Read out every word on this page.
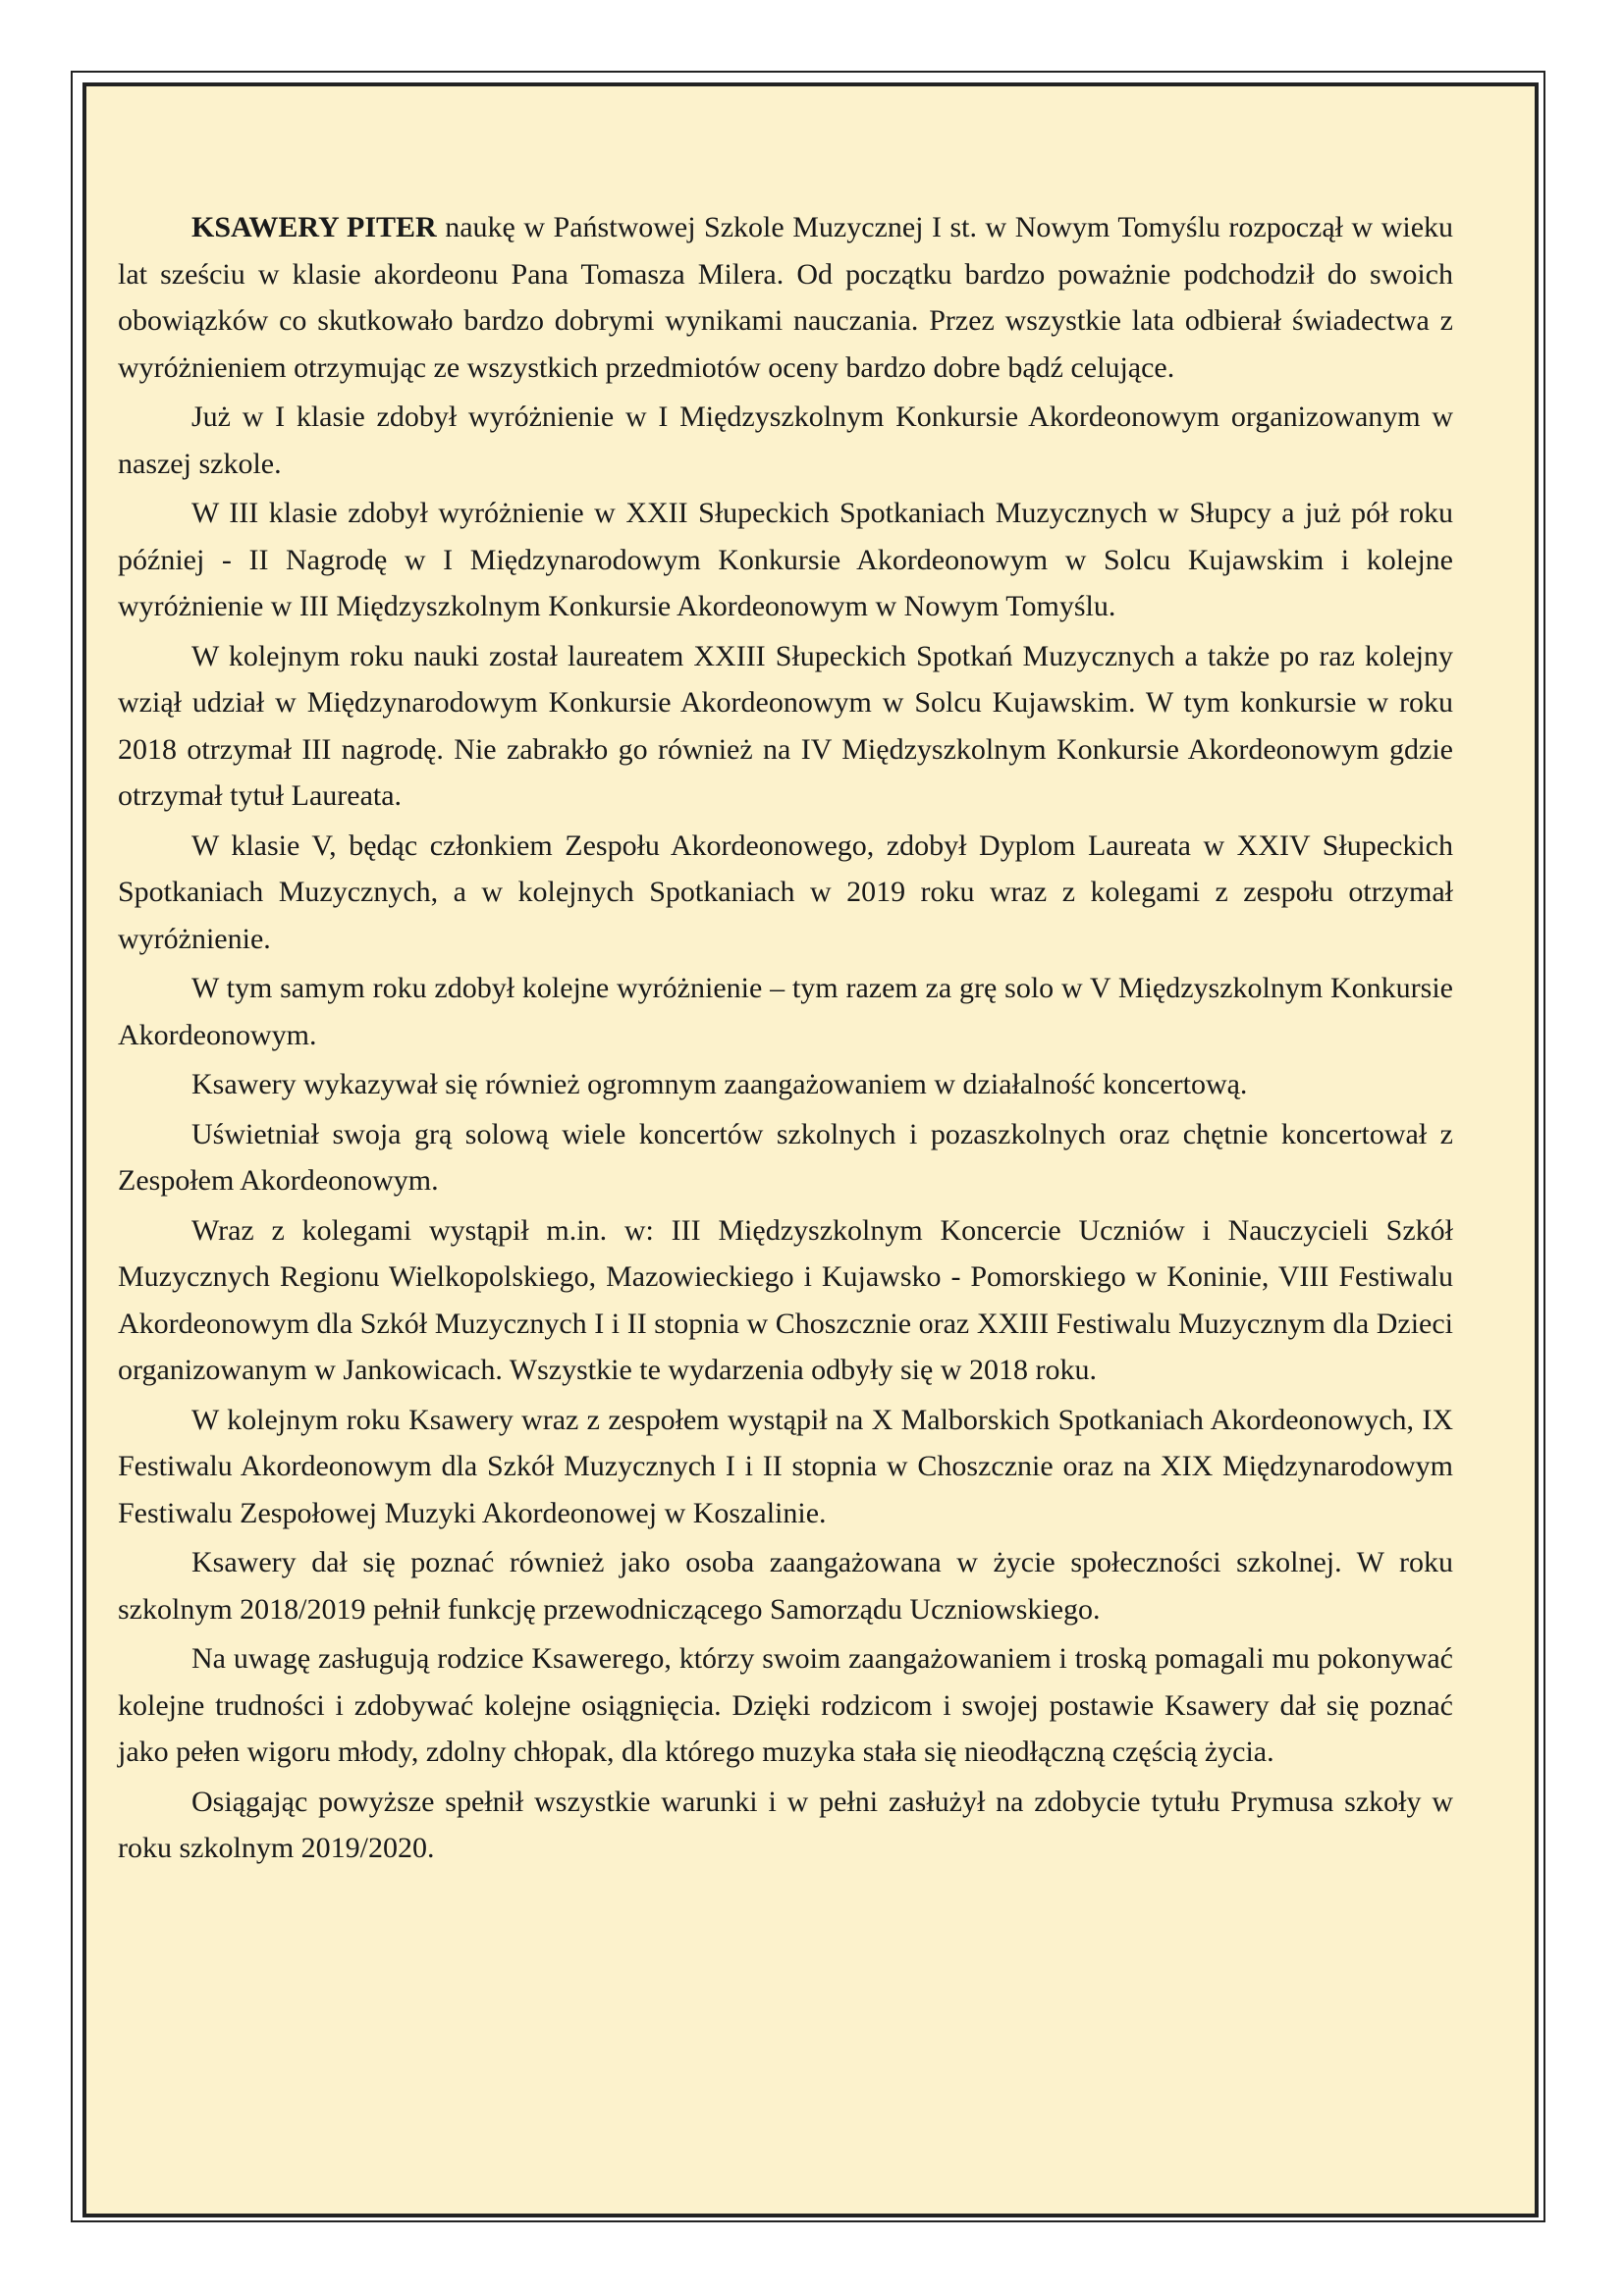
KSAWERY PITER naukę w Państwowej Szkole Muzycznej I st. w Nowym Tomyślu rozpoczął w wieku lat sześciu w klasie akordeonu Pana Tomasza Milera. Od początku bardzo poważnie podchodził do swoich obowiązków co skutkowało bardzo dobrymi wynikami nauczania. Przez wszystkie lata odbierał świadectwa z wyróżnieniem otrzymując ze wszystkich przedmiotów oceny bardzo dobre bądź celujące.

Już w I klasie zdobył wyróżnienie w I Międzyszkolnym Konkursie Akordeonowym organizowanym w naszej szkole.

W III klasie zdobył wyróżnienie w XXII Słupeckich Spotkaniach Muzycznych w Słupcy a już pół roku później - II Nagrodę w I Międzynarodowym Konkursie Akordeonowym w Solcu Kujawskim i kolejne wyróżnienie w III Międzyszkolnym Konkursie Akordeonowym w Nowym Tomyślu.

W kolejnym roku nauki został laureatem XXIII Słupeckich Spotkań Muzycznych a także po raz kolejny wziął udział w Międzynarodowym Konkursie Akordeonowym w Solcu Kujawskim. W tym konkursie w roku 2018 otrzymał III nagrodę. Nie zabrakło go również na IV Międzyszkolnym Konkursie Akordeonowym gdzie otrzymał tytuł Laureata.

W klasie V, będąc członkiem Zespołu Akordeonowego, zdobył Dyplom Laureata w XXIV Słupeckich Spotkaniach Muzycznych, a w kolejnych Spotkaniach w 2019 roku wraz z kolegami z zespołu otrzymał wyróżnienie.

W tym samym roku zdobył kolejne wyróżnienie – tym razem za grę solo w V Międzyszkolnym Konkursie Akordeonowym.

Ksawery wykazywał się również ogromnym zaangażowaniem w działalność koncertową.

Uświetniał swoja grą solową wiele koncertów szkolnych i pozaszkolnych oraz chętnie koncertował z Zespołem Akordeonowym.

Wraz z kolegami wystąpił m.in. w: III Międzyszkolnym Koncercie Uczniów i Nauczycieli Szkół Muzycznych Regionu Wielkopolskiego, Mazowieckiego i Kujawsko - Pomorskiego w Koninie, VIII Festiwalu Akordeonowym dla Szkół Muzycznych I i II stopnia w Choszcznie oraz XXIII Festiwalu Muzycznym dla Dzieci organizowanym w Jankowicach. Wszystkie te wydarzenia odbyły się w 2018 roku.

W kolejnym roku Ksawery wraz z zespołem wystąpił na X Malborskich Spotkaniach Akordeonowych, IX Festiwalu Akordeonowym dla Szkół Muzycznych I i II stopnia w Choszcznie oraz na XIX Międzynarodowym Festiwalu Zespołowej Muzyki Akordeonowej w Koszalinie.

Ksawery dał się poznać również jako osoba zaangażowana w życie społeczności szkolnej. W roku szkolnym 2018/2019 pełnił funkcję przewodniczącego Samorządu Uczniowskiego.

Na uwagę zasługują rodzice Ksawerego, którzy swoim zaangażowaniem i troską pomagali mu pokonywać kolejne trudności i zdobywać kolejne osiągnięcia. Dzięki rodzicom i swojej postawie Ksawery dał się poznać jako pełen wigoru młody, zdolny chłopak, dla którego muzyka stała się nieodłączną częścią życia.

Osiągając powyższe spełnił wszystkie warunki i w pełni zasłużył na zdobycie tytułu Prymusa szkoły w roku szkolnym 2019/2020.
